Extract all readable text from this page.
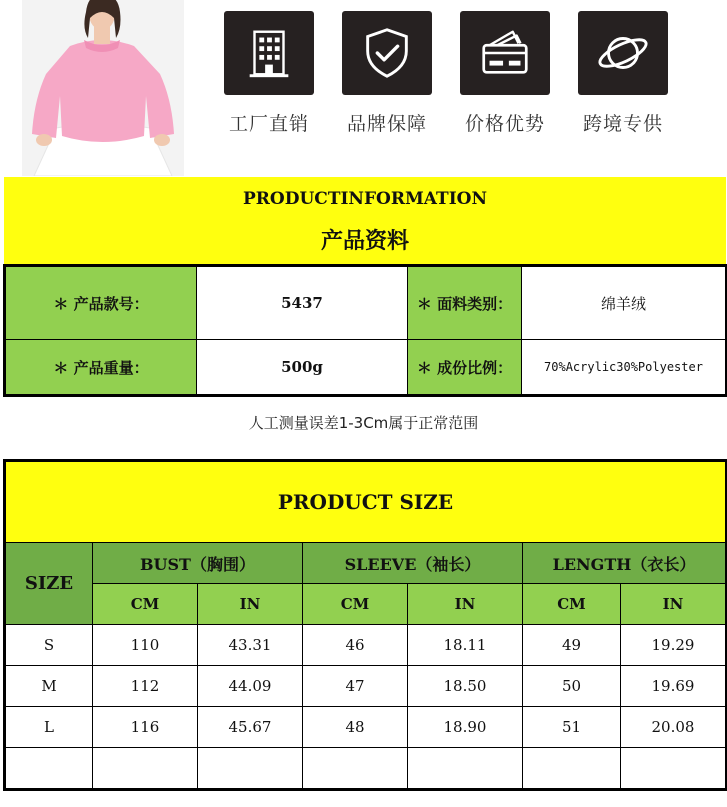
工厂直销	品牌保障	价格优势	跨境专供
PRODUCTINFORMATION
产品资料
＊ 产品款号：	5437	＊ 面料类别：	绵羊绒
＊ 产品重量：	500g	＊ 成份比例：	70%Acrylic30%Polyester
人工测量误差1-3Cm属于正常范围
PRODUCT SIZE						
SIZE	BUST（胸围）		SLEEVE（袖长）		LENGTH（衣长）	
	CM	IN	CM	IN	CM	IN
S	110	43.31	46	18.11	49	19.29
M	112	44.09	47	18.50	50	19.69
L	116	45.67	48	18.90	51	20.08
